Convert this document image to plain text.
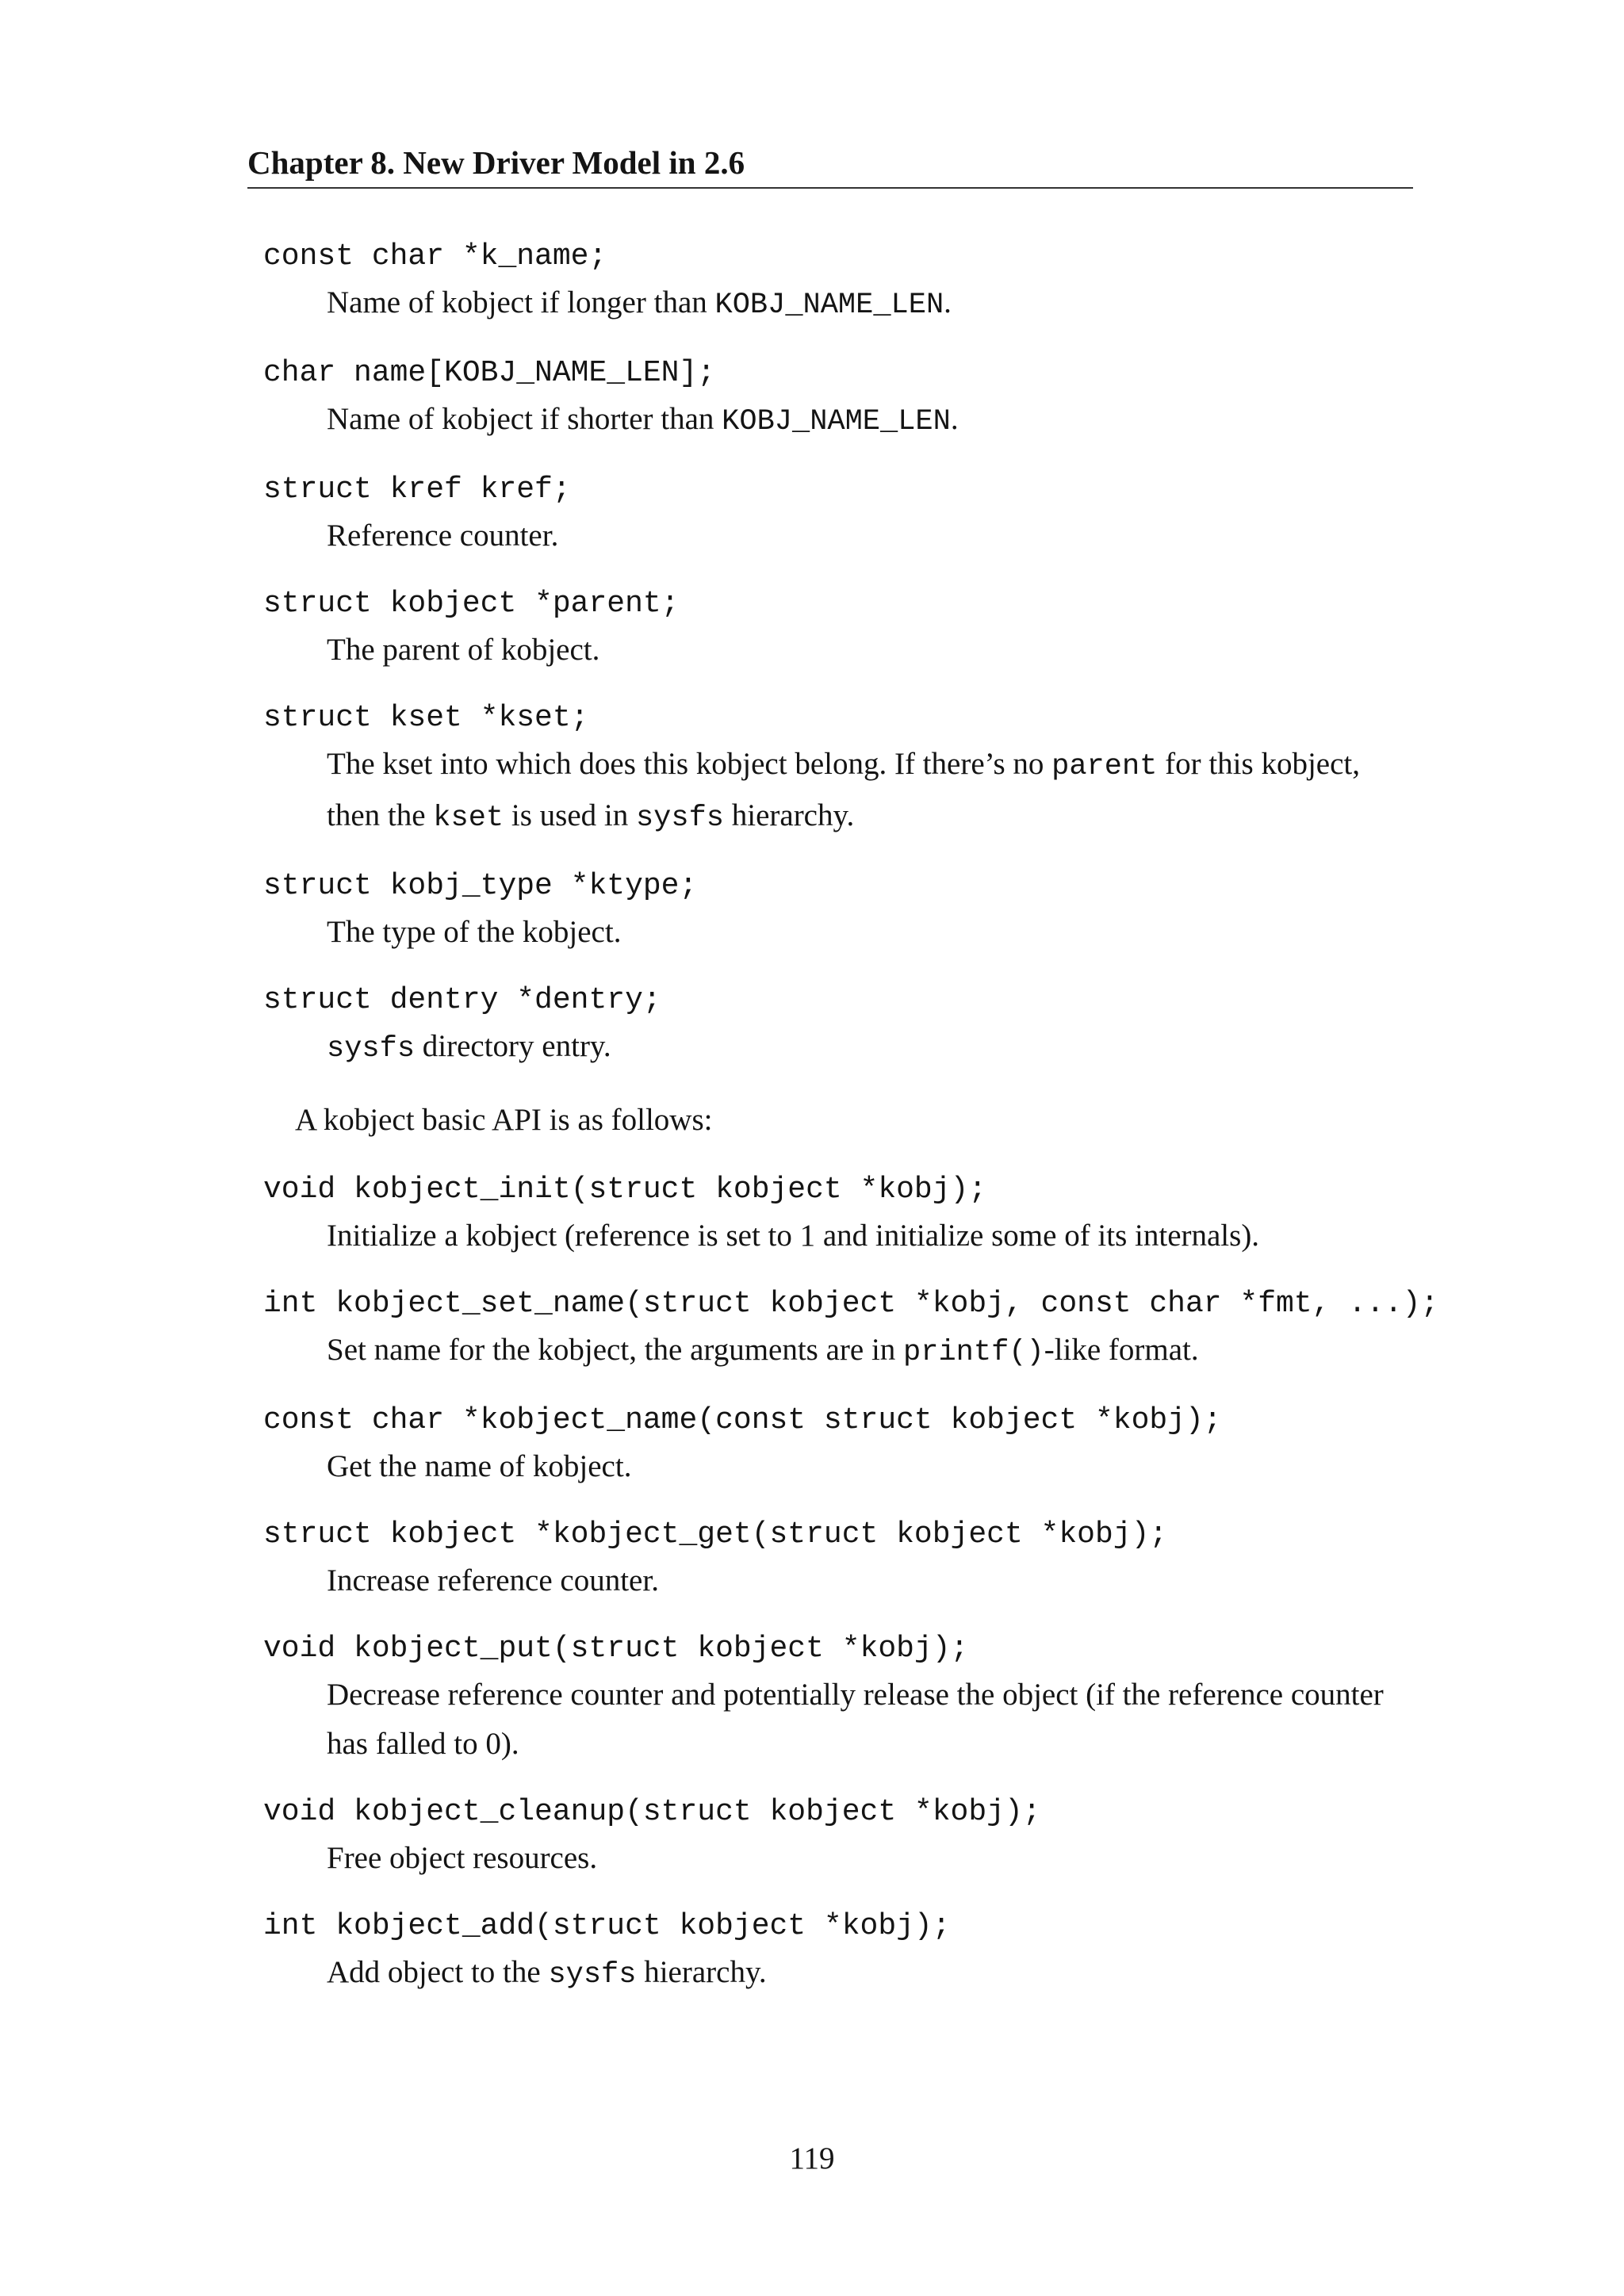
Chapter 8. New Driver Model in 2.6
const char *k_name;
Name of kobject if longer than KOBJ_NAME_LEN.
char name[KOBJ_NAME_LEN];
Name of kobject if shorter than KOBJ_NAME_LEN.
struct kref kref;
Reference counter.
struct kobject *parent;
The parent of kobject.
struct kset *kset;
The kset into which does this kobject belong. If there’s no parent for this kobject, then the kset is used in sysfs hierarchy.
struct kobj_type *ktype;
The type of the kobject.
struct dentry *dentry;
sysfs directory entry.
A kobject basic API is as follows:
void kobject_init(struct kobject *kobj);
Initialize a kobject (reference is set to 1 and initialize some of its internals).
int kobject_set_name(struct kobject *kobj, const char *fmt, ...);
Set name for the kobject, the arguments are in printf()-like format.
const char *kobject_name(const struct kobject *kobj);
Get the name of kobject.
struct kobject *kobject_get(struct kobject *kobj);
Increase reference counter.
void kobject_put(struct kobject *kobj);
Decrease reference counter and potentially release the object (if the reference counter has falled to 0).
void kobject_cleanup(struct kobject *kobj);
Free object resources.
int kobject_add(struct kobject *kobj);
Add object to the sysfs hierarchy.
119
